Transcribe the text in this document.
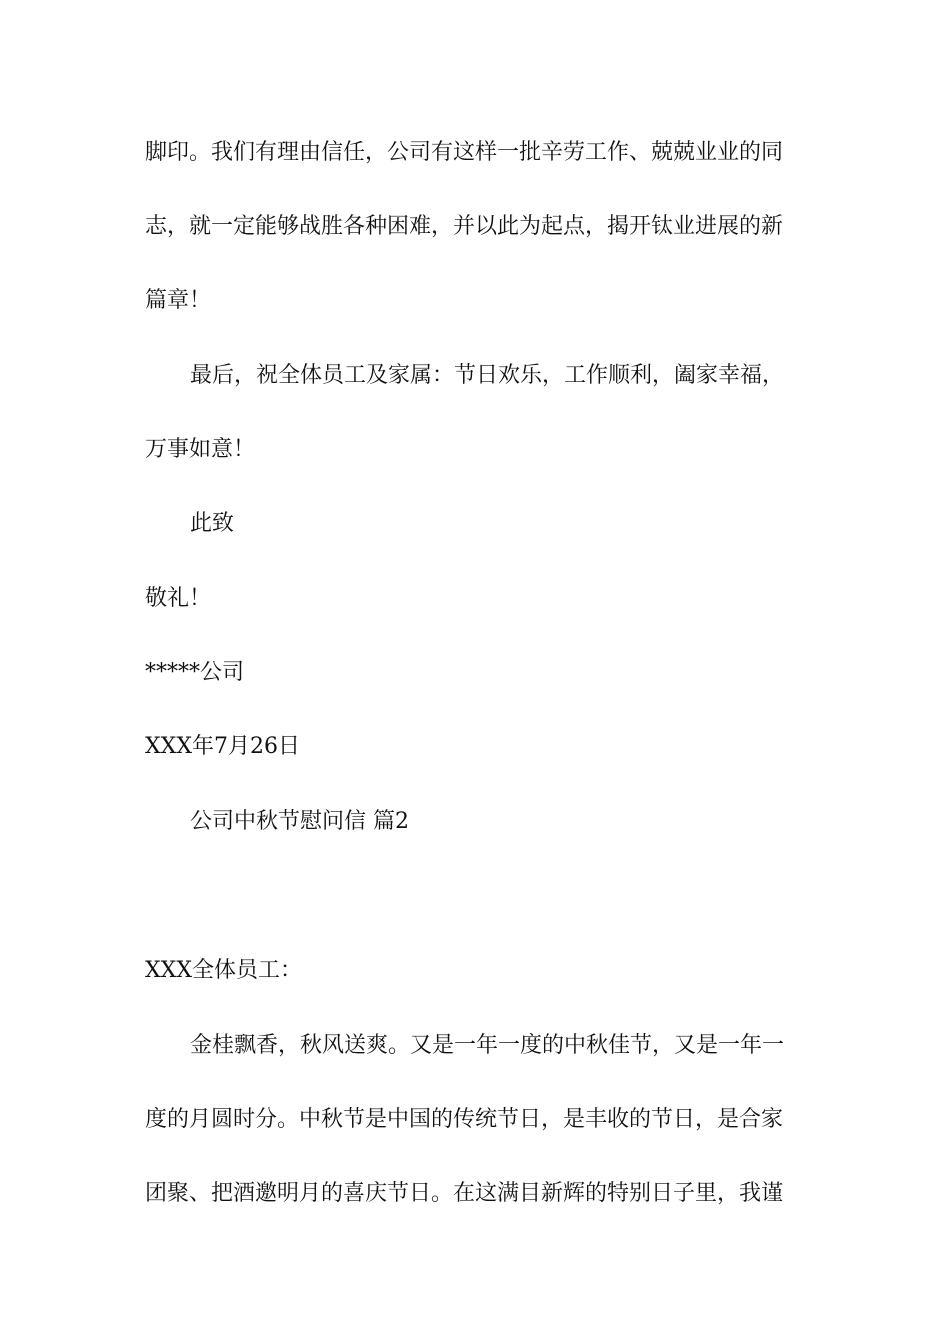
脚印。我们有理由信任，公司有这样一批辛劳工作、兢兢业业的同
志，就一定能够战胜各种困难，并以此为起点，揭开钛业进展的新
篇章！
最后，祝全体员工及家属：节日欢乐，工作顺利，阖家幸福，
万事如意！
此致
敬礼！
*****公司
XXX年7月26日
公司中秋节慰问信 篇2
XXX全体员工：
金桂飘香，秋风送爽。又是一年一度的中秋佳节，又是一年一
度的月圆时分。中秋节是中国的传统节日，是丰收的节日，是合家
团聚、把酒邀明月的喜庆节日。在这满目新辉的特别日子里，我谨
